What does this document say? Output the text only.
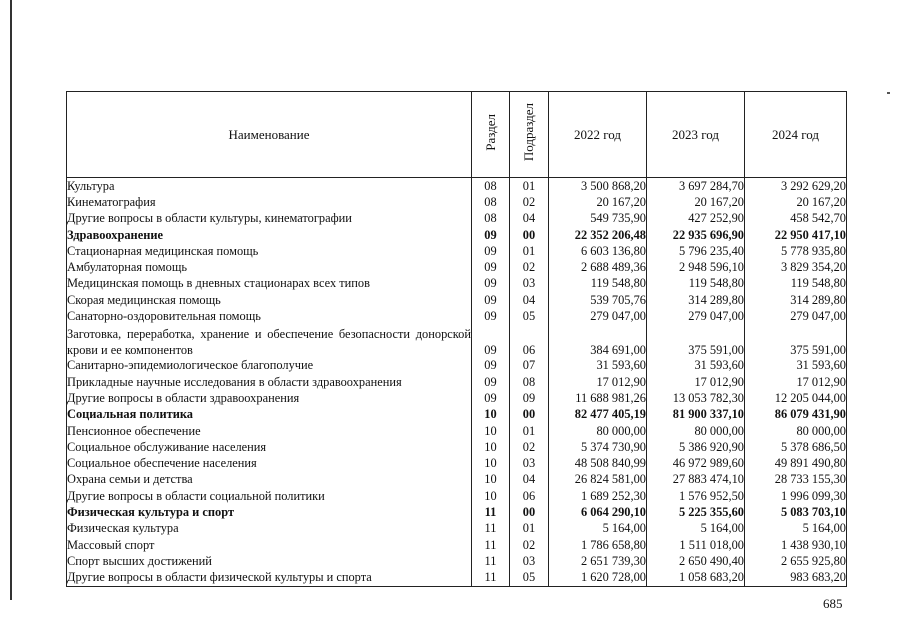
Наименование	Раздел	Подраздел	2022 год	2023 год	2024 год
Культура	08	01	3 500 868,20	3 697 284,70	3 292 629,20
Кинематография	08	02	20 167,20	20 167,20	20 167,20
Другие вопросы в области культуры, кинематографии	08	04	549 735,90	427 252,90	458 542,70
Здравоохранение	09	00	22 352 206,48	22 935 696,90	22 950 417,10
Стационарная медицинская помощь	09	01	6 603 136,80	5 796 235,40	5 778 935,80
Амбулаторная помощь	09	02	2 688 489,36	2 948 596,10	3 829 354,20
Медицинская помощь в дневных стационарах всех типов	09	03	119 548,80	119 548,80	119 548,80
Скорая медицинская помощь	09	04	539 705,76	314 289,80	314 289,80
Санаторно-оздоровительная помощь	09	05	279 047,00	279 047,00	279 047,00
Заготовка, переработка, хранение и обеспечение безопасности донорской крови и ее компонентов	09	06	384 691,00	375 591,00	375 591,00
Санитарно-эпидемиологическое благополучие	09	07	31 593,60	31 593,60	31 593,60
Прикладные научные исследования в области здравоохранения	09	08	17 012,90	17 012,90	17 012,90
Другие вопросы в области здравоохранения	09	09	11 688 981,26	13 053 782,30	12 205 044,00
Социальная политика	10	00	82 477 405,19	81 900 337,10	86 079 431,90
Пенсионное обеспечение	10	01	80 000,00	80 000,00	80 000,00
Социальное обслуживание населения	10	02	5 374 730,90	5 386 920,90	5 378 686,50
Социальное обеспечение населения	10	03	48 508 840,99	46 972 989,60	49 891 490,80
Охрана семьи и детства	10	04	26 824 581,00	27 883 474,10	28 733 155,30
Другие вопросы в области социальной политики	10	06	1 689 252,30	1 576 952,50	1 996 099,30
Физическая культура и спорт	11	00	6 064 290,10	5 225 355,60	5 083 703,10
Физическая культура	11	01	5 164,00	5 164,00	5 164,00
Массовый спорт	11	02	1 786 658,80	1 511 018,00	1 438 930,10
Спорт высших достижений	11	03	2 651 739,30	2 650 490,40	2 655 925,80
Другие вопросы в области физической культуры и спорта	11	05	1 620 728,00	1 058 683,20	983 683,20
685
